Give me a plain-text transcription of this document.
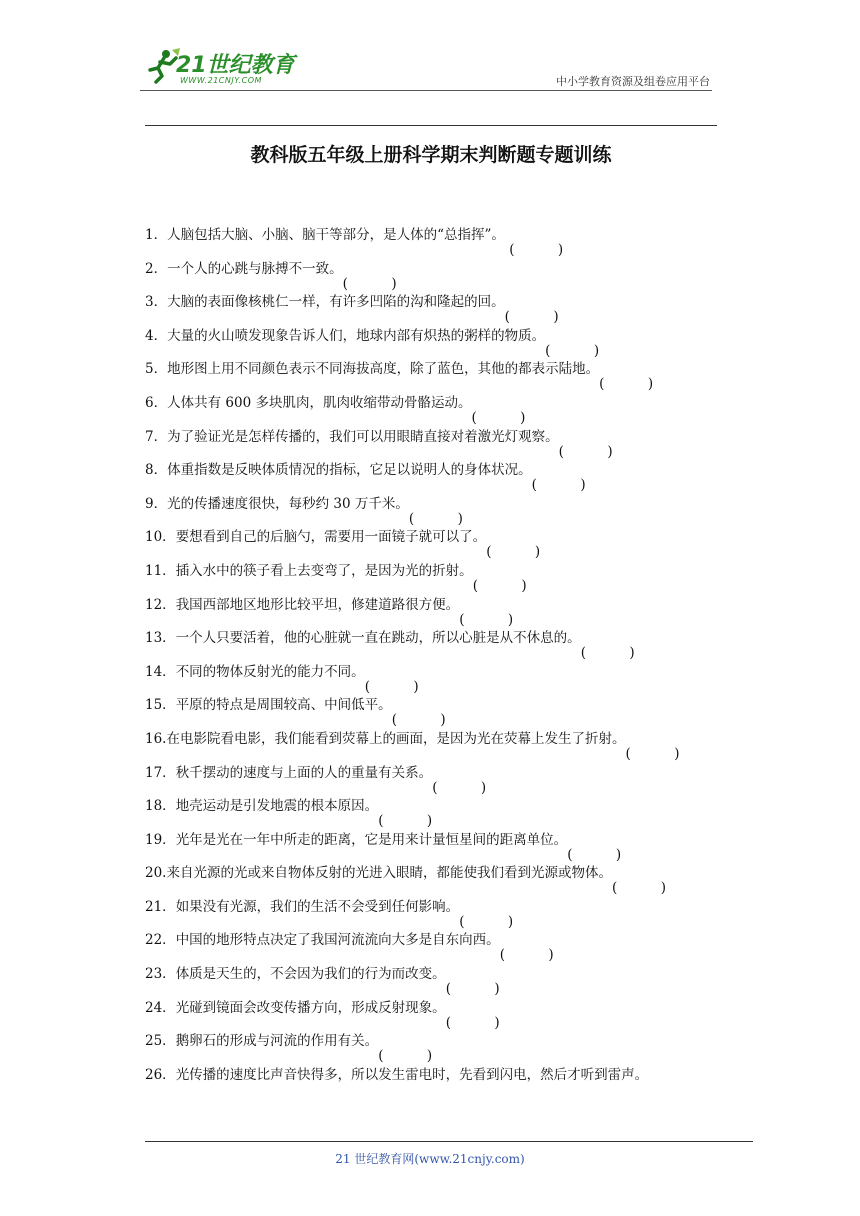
21世纪教育
WWW.21CNJY.COM	中小学教育资源及组卷应用平台
教科版五年级上册科学期末判断题专题训练
1．人脑包括大脑、小脑、脑干等部分，是人体的“总指挥”。
2．一个人的心跳与脉搏不一致。
3．大脑的表面像核桃仁一样，有许多凹陷的沟和隆起的回。
4．大量的火山喷发现象告诉人们，地球内部有炽热的粥样的物质。
5．地形图上用不同颜色表示不同海拔高度，除了蓝色，其他的都表示陆地。
6．人体共有 600 多块肌肉，肌肉收缩带动骨骼运动。
7．为了验证光是怎样传播的，我们可以用眼睛直接对着激光灯观察。
8．体重指数是反映体质情况的指标，它足以说明人的身体状况。
9．光的传播速度很快，每秒约 30 万千米。
10．要想看到自己的后脑勺，需要用一面镜子就可以了。
11．插入水中的筷子看上去变弯了，是因为光的折射。
12．我国西部地区地形比较平坦，修建道路很方便。
13．一个人只要活着，他的心脏就一直在跳动，所以心脏是从不休息的。
14．不同的物体反射光的能力不同。
15．平原的特点是周围较高、中间低平。
16.在电影院看电影，我们能看到荧幕上的画面，是因为光在荧幕上发生了折射。
17．秋千摆动的速度与上面的人的重量有关系。
18．地壳运动是引发地震的根本原因。
19．光年是光在一年中所走的距离，它是用来计量恒星间的距离单位。
20.来自光源的光或来自物体反射的光进入眼睛，都能使我们看到光源或物体。
21．如果没有光源，我们的生活不会受到任何影响。
22．中国的地形特点决定了我国河流流向大多是自东向西。
23．体质是天生的，不会因为我们的行为而改变。
24．光碰到镜面会改变传播方向，形成反射现象。
25．鹅卵石的形成与河流的作用有关。
26．光传播的速度比声音快得多，所以发生雷电时，先看到闪电，然后才听到雷声。
21 世纪教育网(www.21cnjy.com)
